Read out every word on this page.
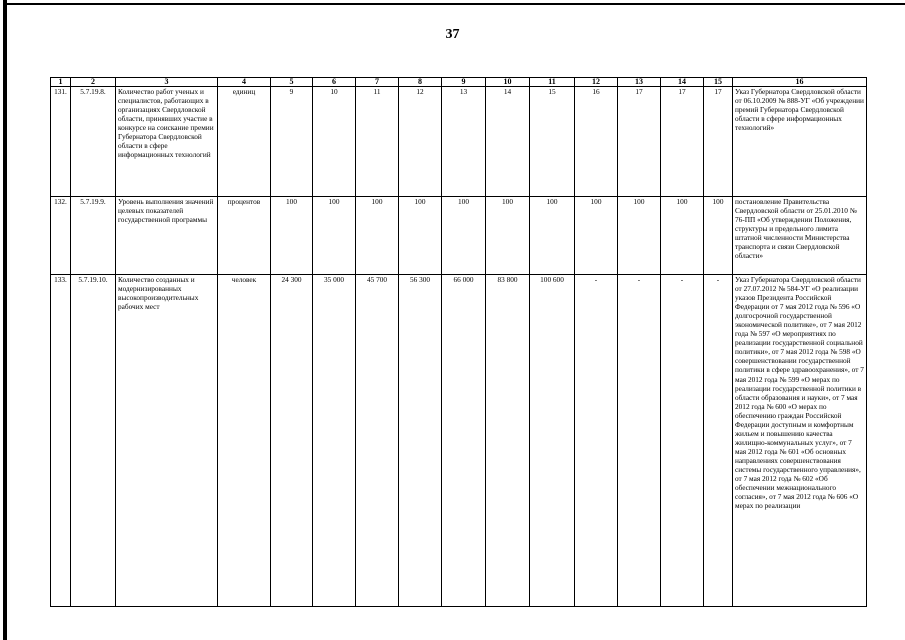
37
1	2	3	4	5	6	7	8	9	10	11	12	13	14	15	16
131.	5.7.19.8.	Количество работ ученых и специалистов, работающих в организациях Свердловской области, принявших участие в конкурсе на соискание премии Губернатора Свердловской области в сфере информационных технологий	единиц	9	10	11	12	13	14	15	16	17	17	17	Указ Губернатора Свердловской области от 06.10.2009 № 888-УГ «Об учреждении премий Губернатора Свердловской области в сфере информационных технологий»
132.	5.7.19.9.	Уровень выполнения значений целевых показателей государственной программы	процентов	100	100	100	100	100	100	100	100	100	100	100	постановление Правительства Свердловской области от 25.01.2010 № 76-ПП «Об утверждении Положения, структуры и предельного лимита штатной численности Министерства транспорта и связи Свердловской области»
133.	5.7.19.10.	Количество созданных и модернизированных высокопроизводительных рабочих мест	человек	24 300	35 000	45 700	56 300	66 000	83 800	100 600	-	-	-	-	Указ Губернатора Свердловской области от 27.07.2012 № 584-УГ «О реализации указов Президента Российской Федерации от 7 мая 2012 года № 596 «О долгосрочной государственной экономической политике», от 7 мая 2012 года № 597 «О мероприятиях по реализации государственной социальной политики», от 7 мая 2012 года № 598 «О совершенствовании государственной политики в сфере здравоохранения», от 7 мая 2012 года № 599 «О мерах по реализации государственной политики в области образования и науки», от 7 мая 2012 года № 600 «О мерах по обеспечению граждан Российской Федерации доступным и комфортным жильем и повышению качества жилищно-коммунальных услуг», от 7 мая 2012 года № 601 «Об основных направлениях совершенствования системы государственного управления», от 7 мая 2012 года № 602 «Об обеспечении межнационального согласия», от 7 мая 2012 года № 606 «О мерах по реализации
